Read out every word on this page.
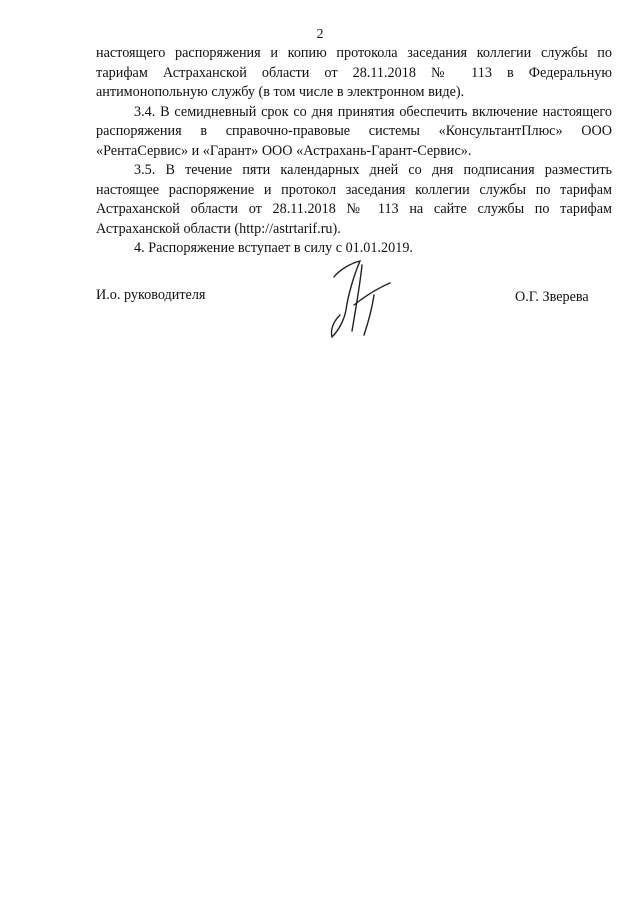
2

настоящего распоряжения и копию протокола заседания коллегии службы по тарифам Астраханской области от 28.11.2018 № 113 в Федеральную антимонопольную службу (в том числе в электронном виде).

3.4. В семидневный срок со дня принятия обеспечить включение настоящего распоряжения в справочно-правовые системы «КонсультантПлюс» ООО «РентаСервис» и «Гарант» ООО «Астрахань-Гарант-Сервис».

3.5. В течение пяти календарных дней со дня подписания разместить настоящее распоряжение и протокол заседания коллегии службы по тарифам Астраханской области от 28.11.2018 № 113 на сайте службы по тарифам Астраханской области (http://astrtarif.ru).

4. Распоряжение вступает в силу с 01.01.2019.

И.о. руководителя	О.Г. Зверева
